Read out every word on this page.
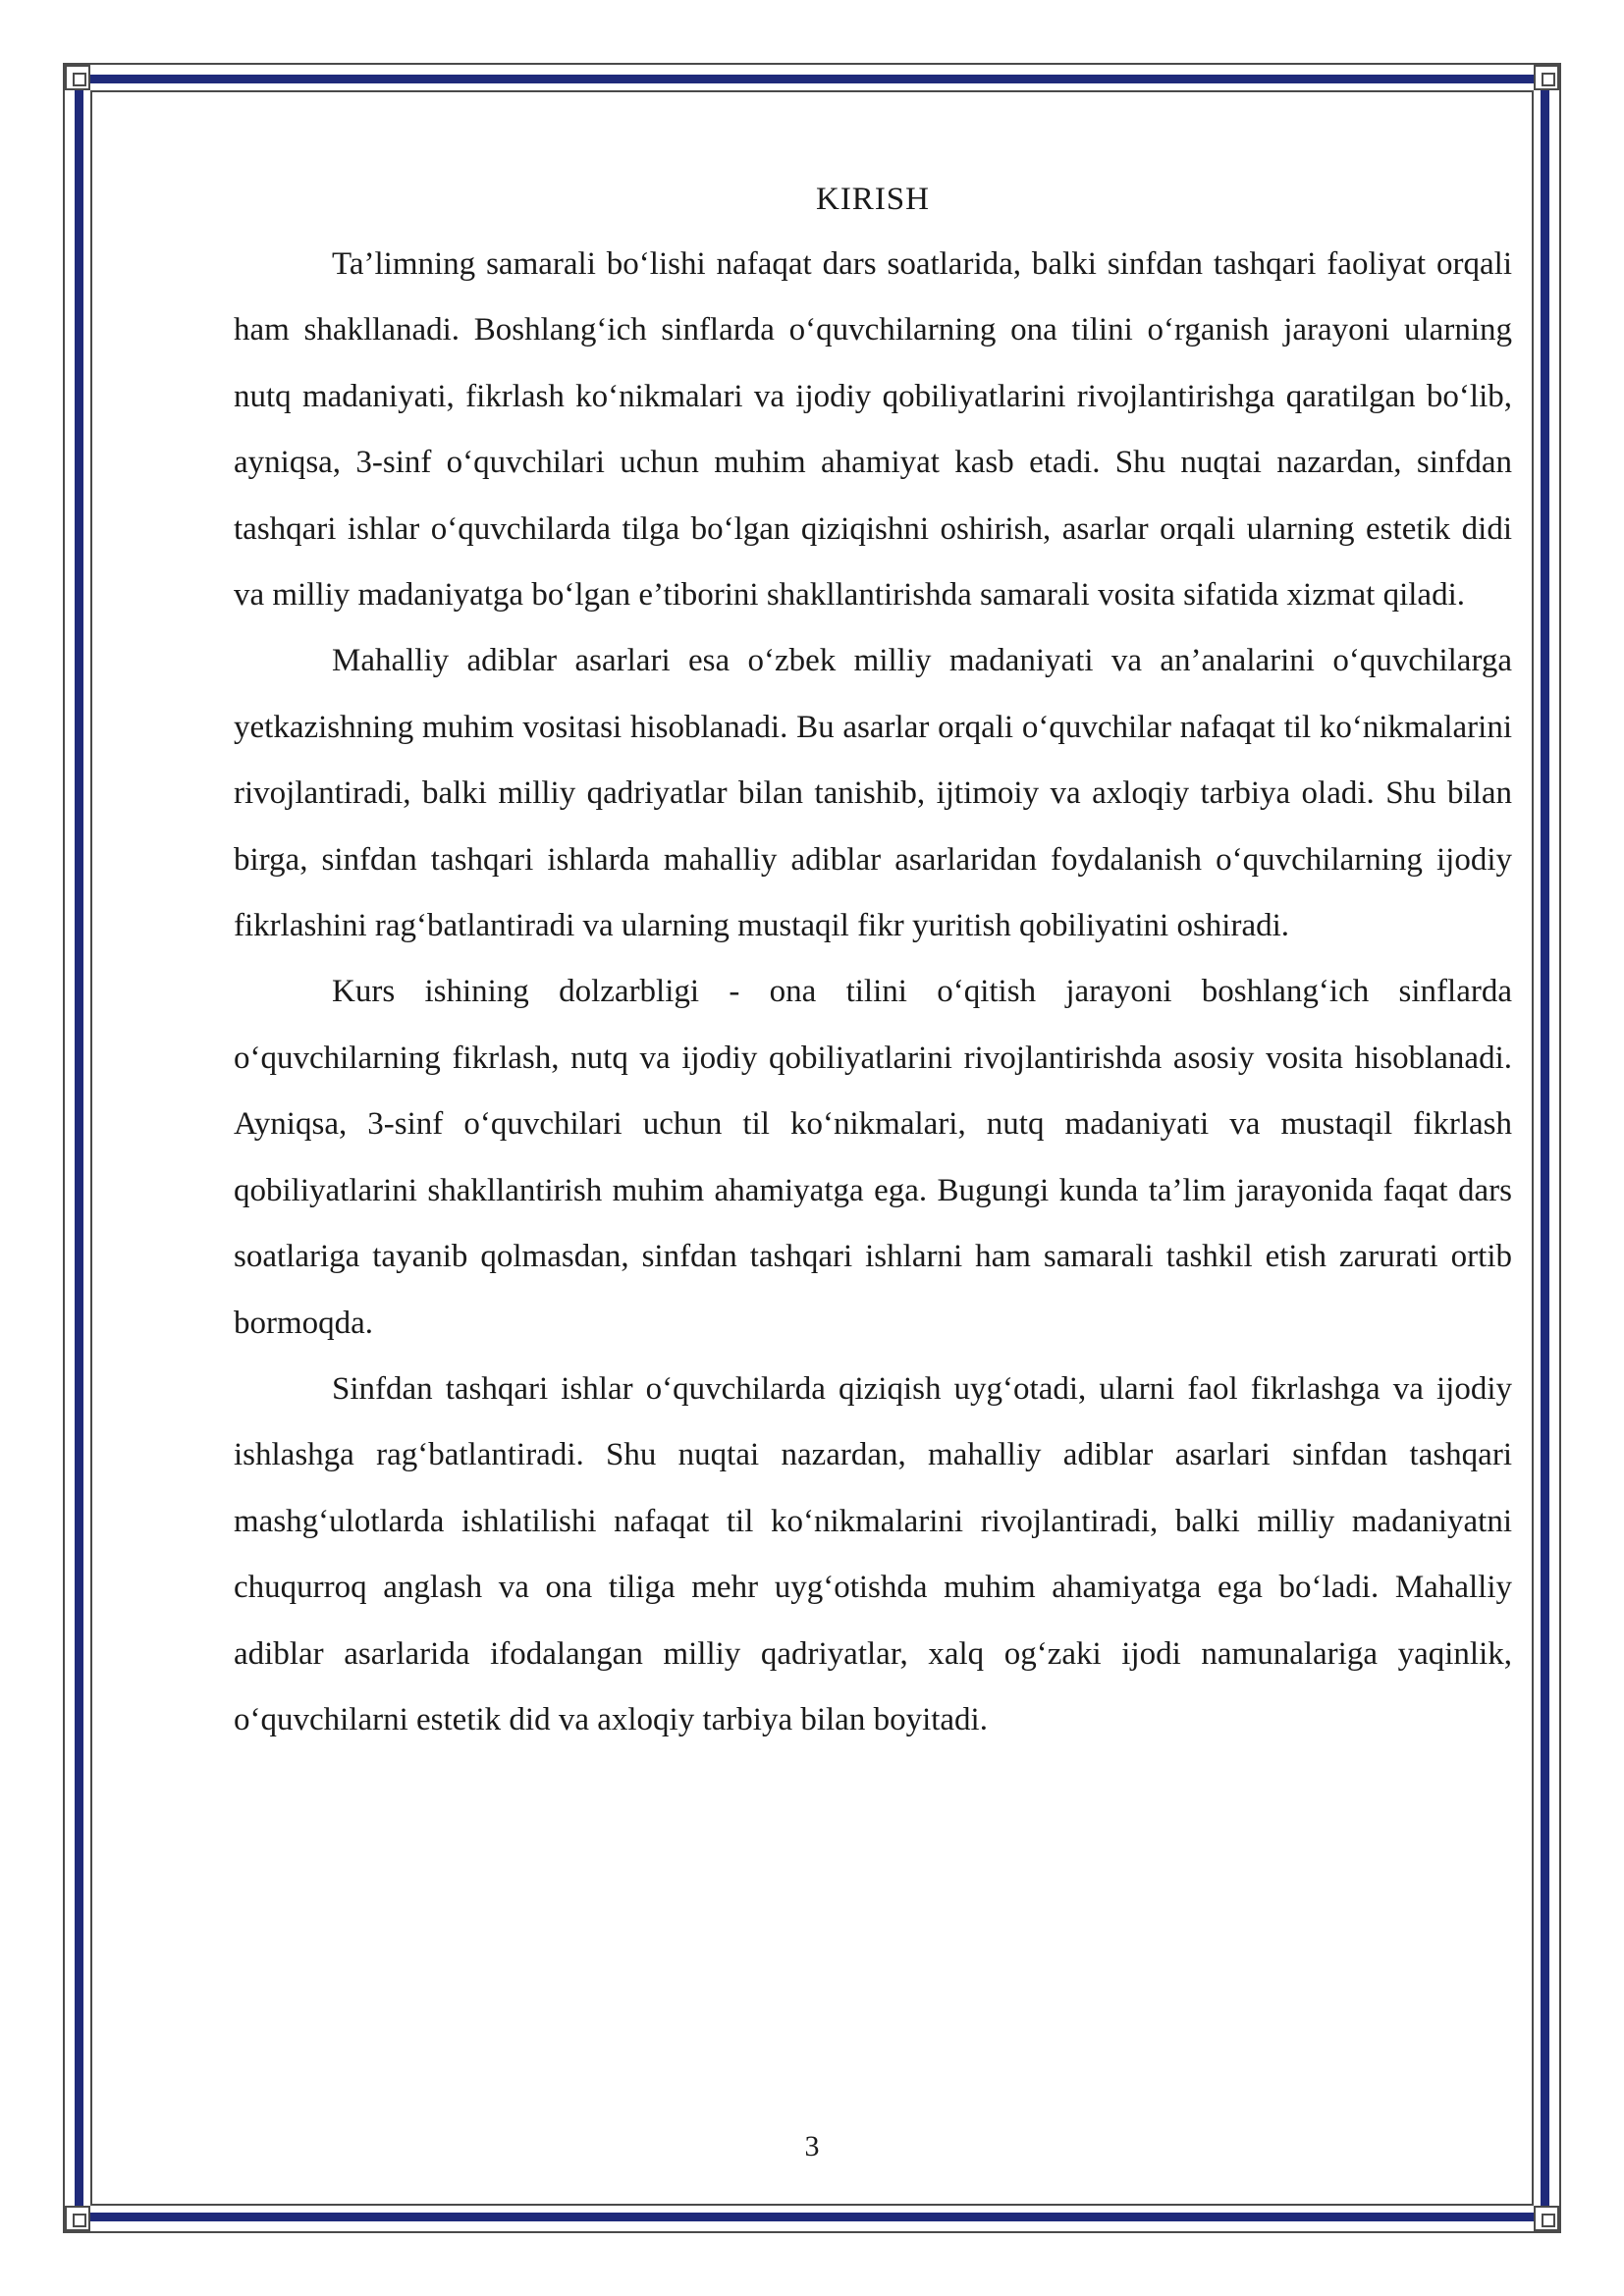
KIRISH

Ta’limning samarali bo‘lishi nafaqat dars soatlarida, balki sinfdan tashqari faoliyat orqali ham shakllanadi. Boshlang‘ich sinflarda o‘quvchilarning ona tilini o‘rganish jarayoni ularning nutq madaniyati, fikrlash ko‘nikmalari va ijodiy qobiliyatlarini rivojlantirishga qaratilgan bo‘lib, ayniqsa, 3-sinf o‘quvchilari uchun muhim ahamiyat kasb etadi. Shu nuqtai nazardan, sinfdan tashqari ishlar o‘quvchilarda tilga bo‘lgan qiziqishni oshirish, asarlar orqali ularning estetik didi va milliy madaniyatga bo‘lgan e’tiborini shakllantirishda samarali vosita sifatida xizmat qiladi.

Mahalliy adiblar asarlari esa o‘zbek milliy madaniyati va an’analarini o‘quvchilarga yetkazishning muhim vositasi hisoblanadi. Bu asarlar orqali o‘quvchilar nafaqat til ko‘nikmalarini rivojlantiradi, balki milliy qadriyatlar bilan tanishib, ijtimoiy va axloqiy tarbiya oladi. Shu bilan birga, sinfdan tashqari ishlarda mahalliy adiblar asarlaridan foydalanish o‘quvchilarning ijodiy fikrlashini rag‘batlantiradi va ularning mustaqil fikr yuritish qobiliyatini oshiradi.

Kurs ishining dolzarbligi - ona tilini o‘qitish jarayoni boshlang‘ich sinflarda o‘quvchilarning fikrlash, nutq va ijodiy qobiliyatlarini rivojlantirishda asosiy vosita hisoblanadi. Ayniqsa, 3-sinf o‘quvchilari uchun til ko‘nikmalari, nutq madaniyati va mustaqil fikrlash qobiliyatlarini shakllantirish muhim ahamiyatga ega. Bugungi kunda ta’lim jarayonida faqat dars soatlariga tayanib qolmasdan, sinfdan tashqari ishlarni ham samarali tashkil etish zarurati ortib bormoqda.

Sinfdan tashqari ishlar o‘quvchilarda qiziqish uyg‘otadi, ularni faol fikrlashga va ijodiy ishlashga rag‘batlantiradi. Shu nuqtai nazardan, mahalliy adiblar asarlari sinfdan tashqari mashg‘ulotlarda ishlatilishi nafaqat til ko‘nikmalarini rivojlantiradi, balki milliy madaniyatni chuqurroq anglash va ona tiliga mehr uyg‘otishda muhim ahamiyatga ega bo‘ladi. Mahalliy adiblar asarlarida ifodalangan milliy qadriyatlar, xalq og‘zaki ijodi namunalariga yaqinlik, o‘quvchilarni estetik did va axloqiy tarbiya bilan boyitadi.

3
